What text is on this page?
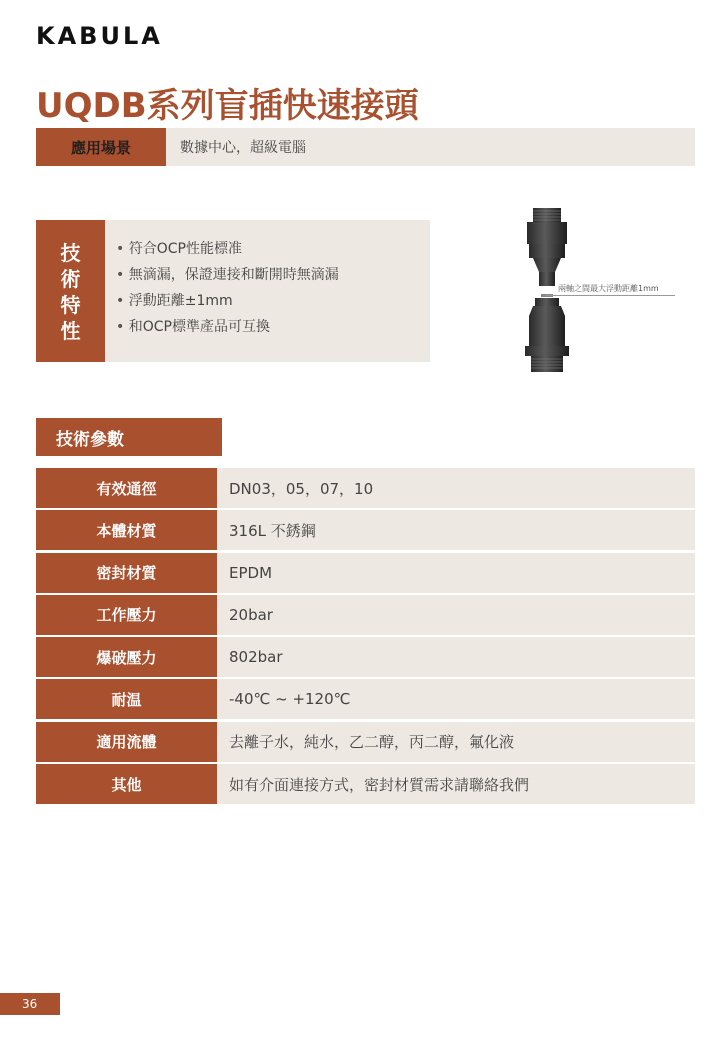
KABULA
UQDB系列盲插快速接頭
應用場景	數據中心，超級電腦
技
術
特
性
• 符合OCP性能標准
• 無滴漏，保證連接和斷開時無滴漏
• 浮動距離±1mm
• 和OCP標準產品可互換
兩軸之間最大浮動距離1mm
技術參數
有效通徑	DN03，05，07，10
本體材質	316L 不銹鋼
密封材質	EPDM
工作壓力	20bar
爆破壓力	802bar
耐温	-40℃ ~ +120℃
適用流體	去離子水，純水，乙二醇，丙二醇，氟化液
其他	如有介面連接方式，密封材質需求請聯絡我們
36
